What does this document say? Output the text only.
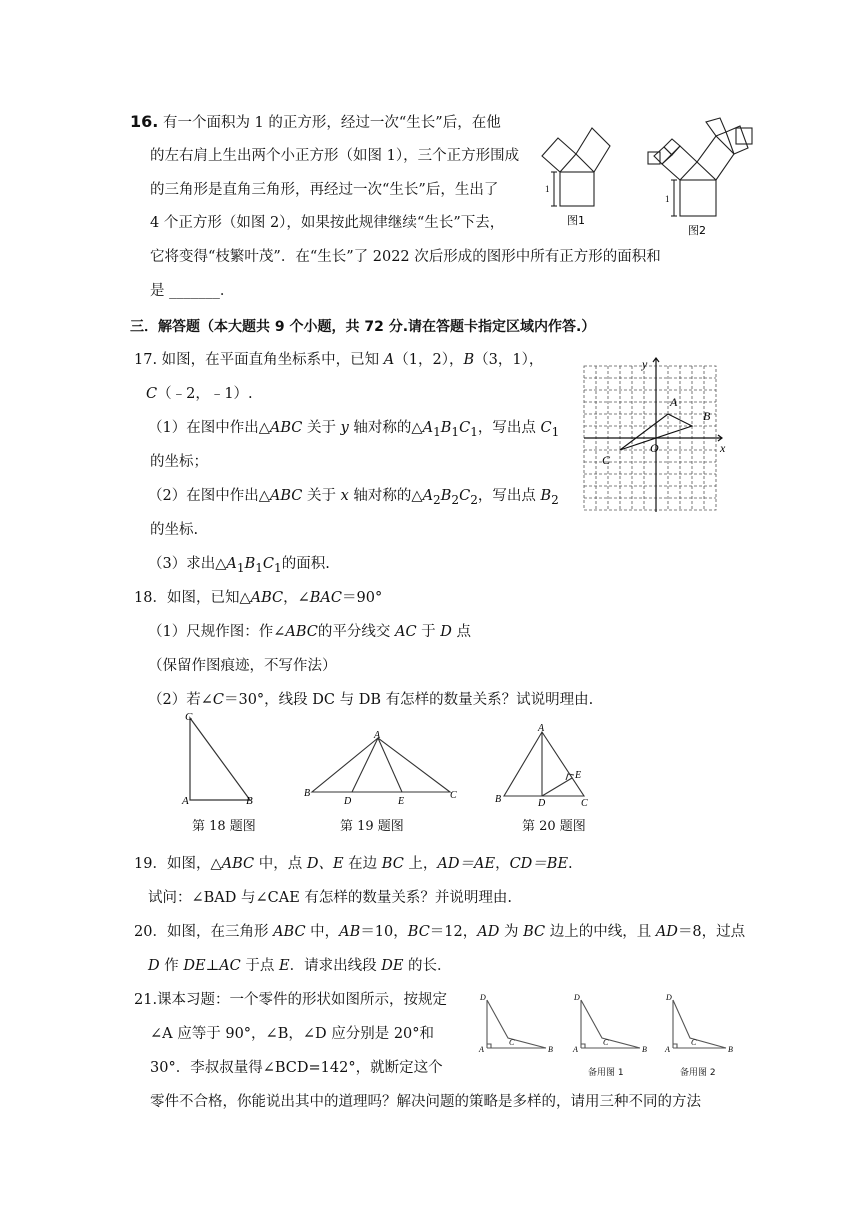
16. 有一个面积为 1 的正方形，经过一次“生长”后，在他
的左右肩上生出两个小正方形（如图 1），三个正方形围成
的三角形是直角三角形，再经过一次“生长”后，生出了
4 个正方形（如图 2），如果按此规律继续“生长”下去，
它将变得“枝繁叶茂”．在“生长”了 2022 次后形成的图形中所有正方形的面积和
是 _______．
1
图1
1
图2
三．解答题（本大题共 9 个小题，共 72 分.请在答题卡指定区域内作答.）
17. 如图，在平面直角坐标系中，已知 A（1，2），B（3，1），
C（﹣2，﹣1）.
（1）在图中作出△ABC 关于 y 轴对称的$\triangle A_1B_1C_1$，写出点 $C_1$
的坐标；
（2）在图中作出△ABC 关于 x 轴对称的$\triangle A_2B_2C_2$，写出点 $B_2$
的坐标.
（3）求出$\triangle A_1B_1C_1$的面积.
y
x
O
A
B
C
18．如图，已知△ABC，∠BAC＝90°
（1）尺规作图：作∠ABC的平分线交 AC 于 D 点
（保留作图痕迹，不写作法）
（2）若∠C＝30°，线段 DC 与 DB 有怎样的数量关系？试说明理由.
C
A	B
A
B
D	E
C
A
B	D
E
C
第 18 题图	第 19 题图	第 20 题图
19．如图，△ABC 中，点 D、E 在边 BC 上，AD＝AE，CD＝BE.
试问：∠BAD 与∠CAE 有怎样的数量关系？并说明理由.
20．如图，在三角形 ABC 中，AB＝10，BC＝12，AD 为 BC 边上的中线，且 AD＝8，过点
D 作 DE⊥AC 于点 E．请求出线段 DE 的长．
21.课本习题：一个零件的形状如图所示，按规定
∠A 应等于 90°，∠B，∠D 应分别是 20°和
30°．李叔叔量得∠BCD=142°，就断定这个
零件不合格，你能说出其中的道理吗？解决问题的策略是多样的，请用三种不同的方法
D
A
C
B
D
A
C
B
D
A
C
B
备用图 1	备用图 2
